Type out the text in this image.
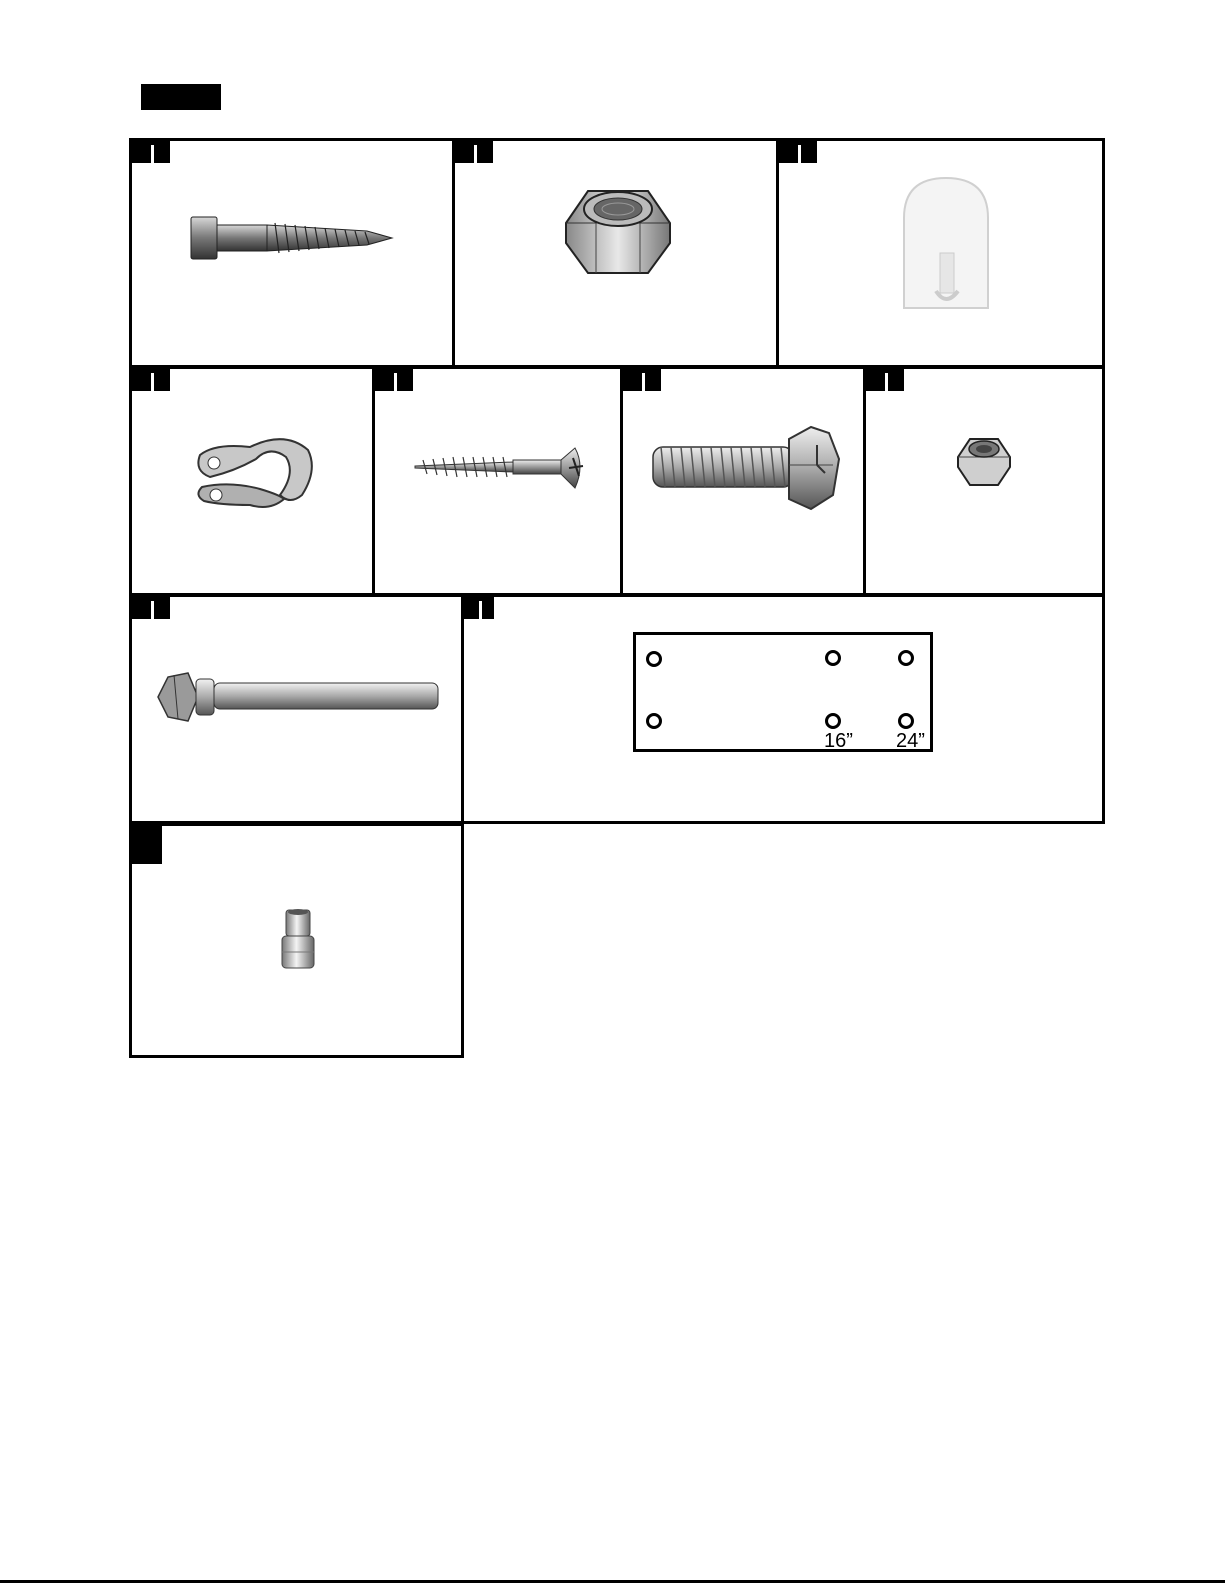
16” 24”
